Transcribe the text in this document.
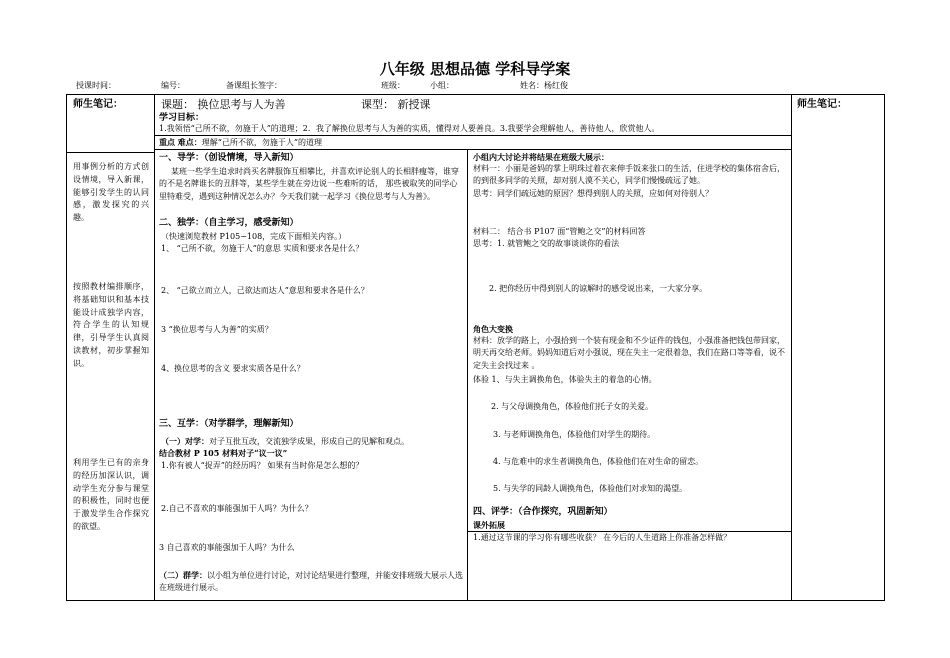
八年级 思想品德 学科导学案
授课时间：	编号：	备课组长签字：	班级：	小组：	姓名：杨红俊
师生笔记：
用事例分析的方式创设情境，导入新课，能够引发学生的认同感，激发探究的兴趣。
按照教材编排顺序，将基础知识和基本技能设计成独学内容，符合学生的认知规律，引导学生认真阅读教材，初步掌握知识。
利用学生已有的亲身的经历加深认识，调动学生充分参与课堂的积极性，同时也便于激发学生合作探究的欲望。

课题： 换位思考与人为善	课型： 新授课
学习目标：
1.我领悟“己所不欲，勿施于人”的道理；2．我了解换位思考与人为善的实质，懂得对人要善良。3.我要学会理解他人，善待他人，欣赏他人。
重点 难点：理解“己所不欲，勿施于人”的道理
一、导学：（创设情境，导入新知）
某班一些学生追求时尚买名牌服饰互相攀比，并喜欢评论别人的长相胖瘦等，谁穿的不是名牌谁长的丑胖等，某些学生就在旁边说一些难听的话， 那些被取笑的同学心里特难受，遇到这种情况怎么办？今天我们就一起学习《换位思考与人为善》。
二、独学：（自主学习，感受新知）
（快速浏览教材 P105~108，完成下面相关内容。）
1、 “己所不欲，勿施于人”的意思 实质和要求各是什么？
2、 “己欲立而立人，己欲达而达人”意思和要求各是什么？
3 “换位思考与人为善”的实质？
4、换位思考的含义 要求实质各是什么？
三、互学：（对学群学，理解新知）
（一）对学：对子互批互改，交流独学成果，形成自己的见解和观点。
结合教材 P 105 材料对子“议一议”
1.你有被人“捉弄”的经历吗？ 如果有当时你是怎么想的？
2.自己不喜欢的事能强加于人吗？为什么？
3 自己喜欢的事能强加于人吗？为什么
（二）群学：以小组为单位进行讨论，对讨论结果进行整理，并能安排班级大展示人选在班级进行展示。
小组内大讨论并将结果在班级大展示：
材料一：小丽是爸妈的掌上明珠过着衣来伸手饭来张口的生活，住进学校的集体宿舍后，的到很多同学的关照，却对别人漠不关心，同学们慢慢疏远了她。
思考：同学们疏远她的原因？想得到别人的关照，应如何对待别人？
材料二： 结合书 P107 面“管鲍之交”的材料回答
思考：1. 就管鲍之交的故事谈谈你的看法
2. 把你经历中得到别人的谅解时的感受说出来，一大家分享。
角色大变换
材料：放学的路上，小强拾到一个装有现金和不少证件的钱包，小强准备把钱包带回家，明天再交给老师。妈妈知道后对小强说，现在失主一定很着急，我们在路口等等看，说不定失主会找过来 。
体验 1、与失主调换角色，体验失主的着急的心情。
2. 与父母调换角色，体验他们托子女的关爱。
3. 与老师调换角色，体验他们对学生的期待。
4. 与危难中的求生者调换角色，体验他们在对生命的留恋。
5. 与失学的同龄人调换角色，体验他们对求知的渴望。
四、评学：（合作探究，巩固新知）
课外拓展
1.通过这节课的学习你有哪些收获？ 在今后的人生道路上你准备怎样做？

师生笔记：
